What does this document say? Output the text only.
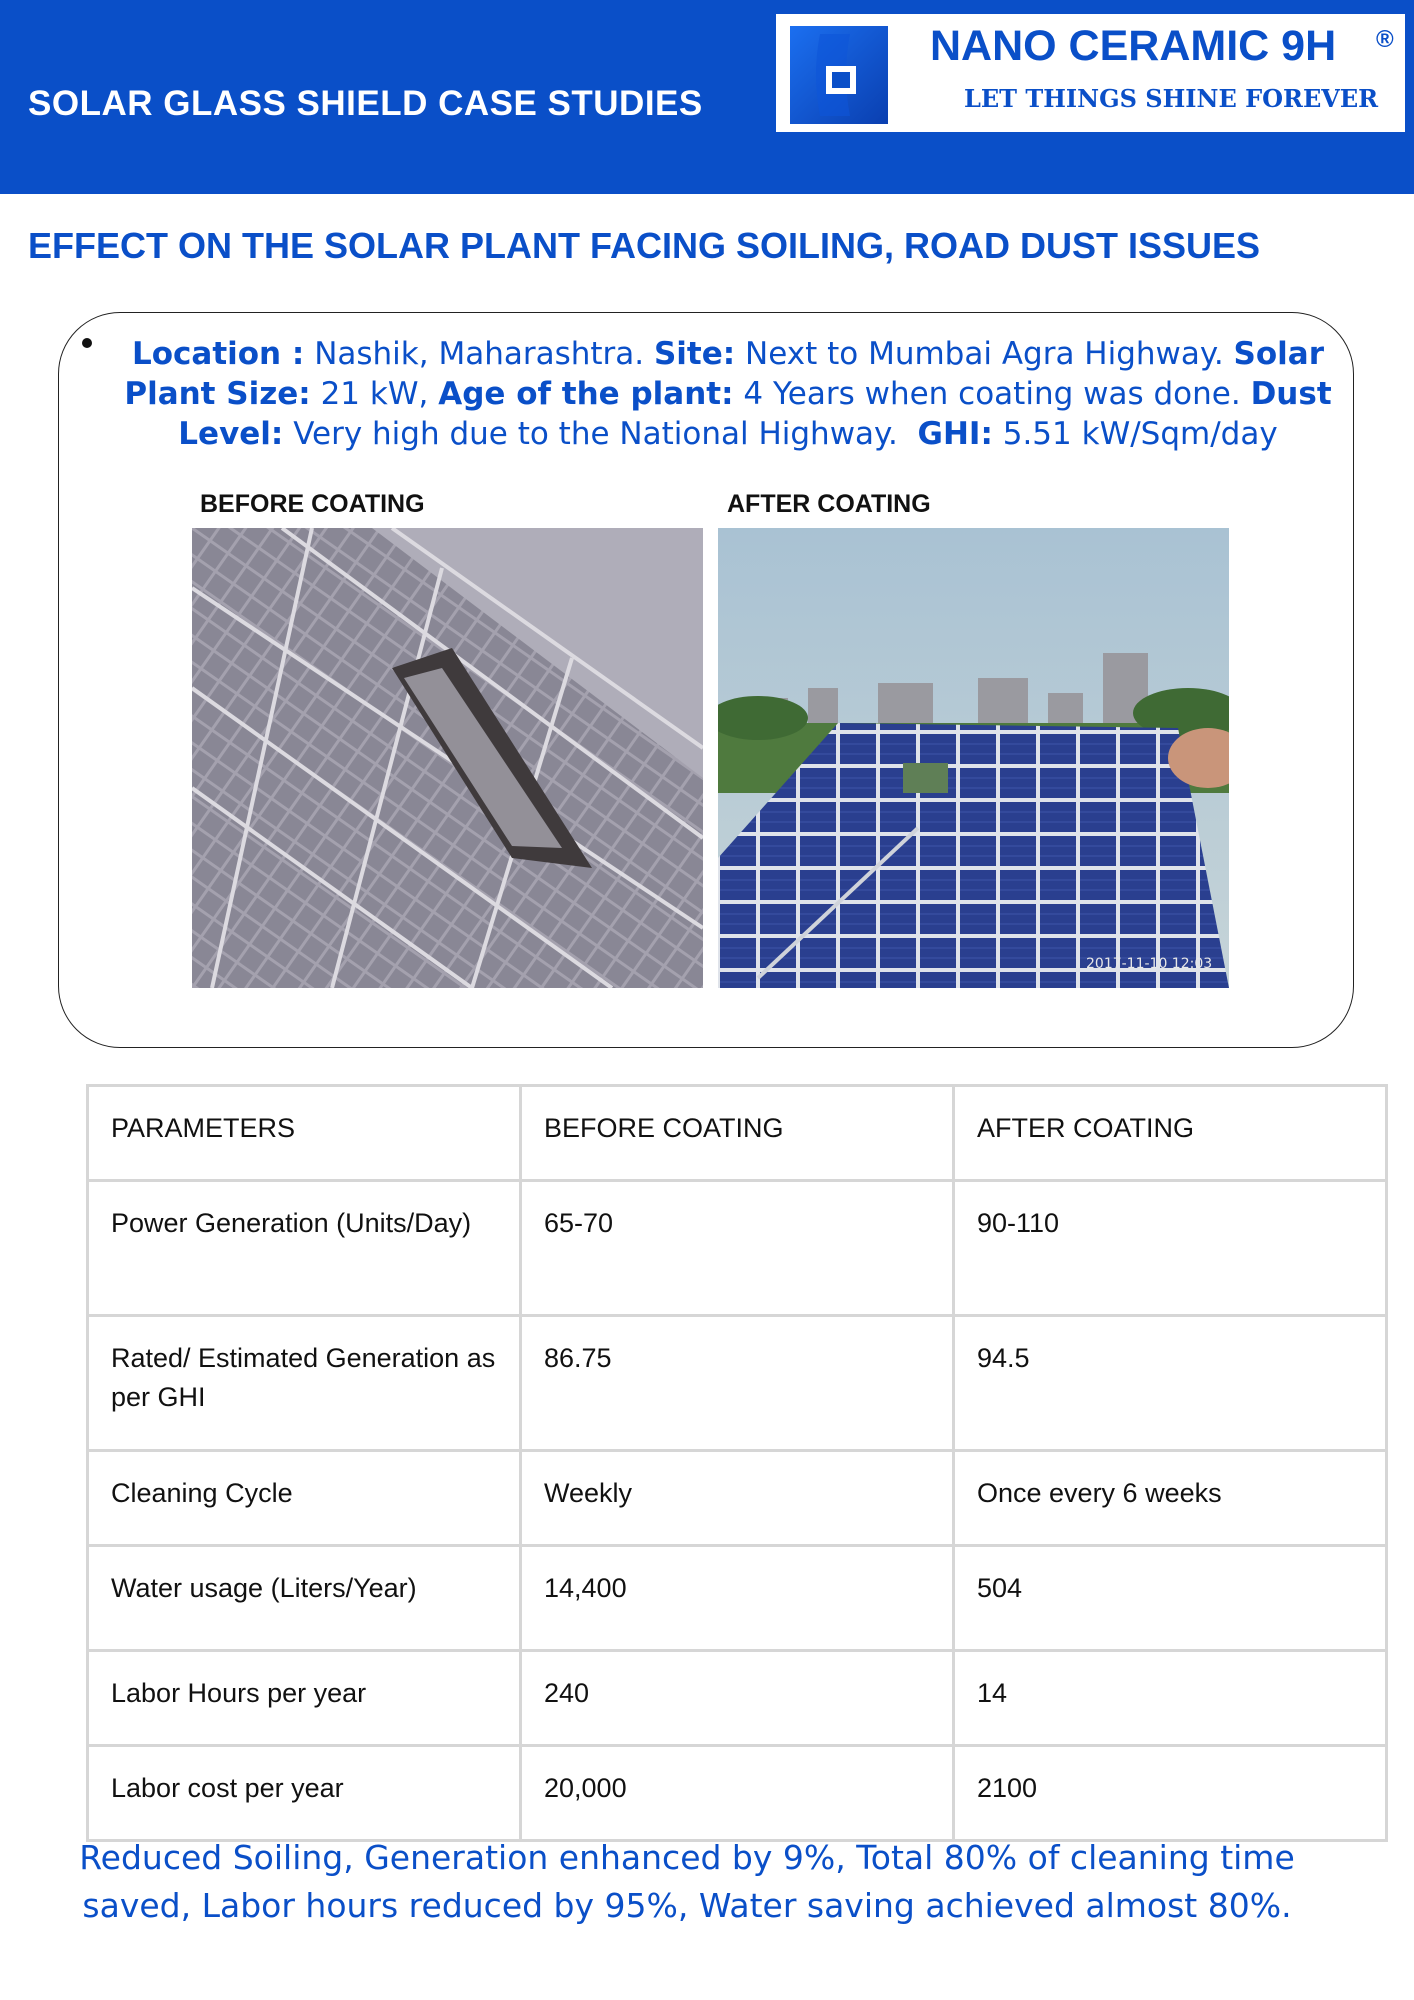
SOLAR GLASS SHIELD CASE STUDIES
NANO CERAMIC 9H ®
LET THINGS SHINE FOREVER
EFFECT ON THE SOLAR PLANT FACING SOILING, ROAD DUST ISSUES
Location : Nashik, Maharashtra. Site: Next to Mumbai Agra Highway. Solar Plant Size: 21 kW, Age of the plant: 4 Years when coating was done. Dust Level: Very high due to the National Highway. GHI: 5.51 kW/Sqm/day
BEFORE COATING	AFTER COATING
2017-11-10 12:03
PARAMETERS	BEFORE COATING	AFTER COATING
Power Generation (Units/Day)	65-70	90-110
Rated/ Estimated Generation as per GHI	86.75	94.5
Cleaning Cycle	Weekly	Once every 6 weeks
Water usage (Liters/Year)	14,400	504
Labor Hours per year	240	14
Labor cost per year	20,000	2100
Reduced Soiling, Generation enhanced by 9%, Total 80% of cleaning time saved, Labor hours reduced by 95%, Water saving achieved almost 80%.
